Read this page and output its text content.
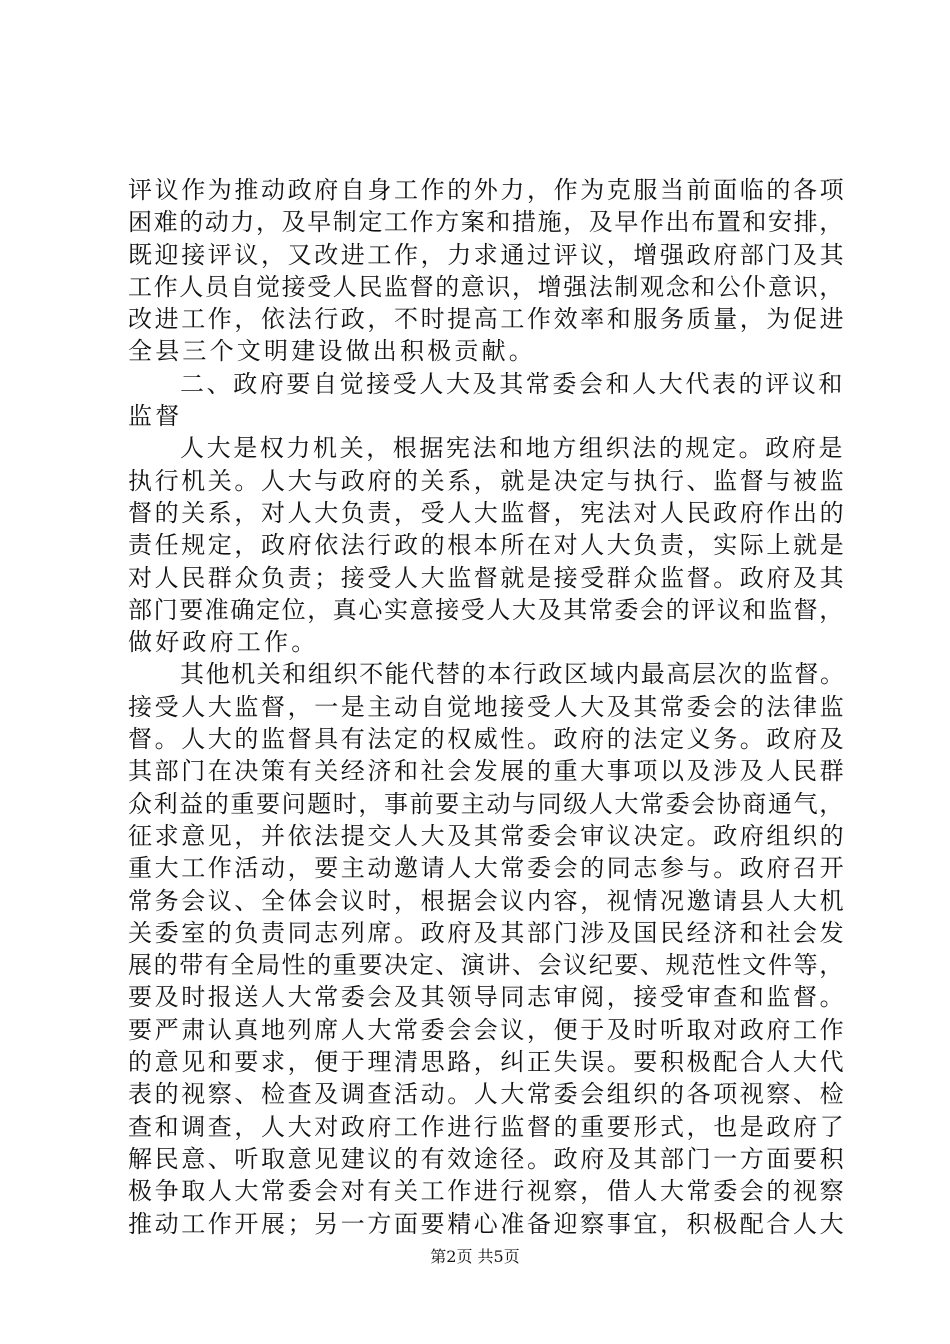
评议作为推动政府自身工作的外力，作为克服当前面临的各项
困难的动力，及早制定工作方案和措施，及早作出布置和安排，
既迎接评议，又改进工作，力求通过评议，增强政府部门及其
工作人员自觉接受人民监督的意识，增强法制观念和公仆意识，
改进工作，依法行政，不时提高工作效率和服务质量，为促进
全县三个文明建设做出积极贡献。
二、政府要自觉接受人大及其常委会和人大代表的评议和
监督
人大是权力机关，根据宪法和地方组织法的规定。政府是
执行机关。人大与政府的关系，就是决定与执行、监督与被监
督的关系，对人大负责，受人大监督，宪法对人民政府作出的
责任规定，政府依法行政的根本所在对人大负责，实际上就是
对人民群众负责；接受人大监督就是接受群众监督。政府及其
部门要准确定位，真心实意接受人大及其常委会的评议和监督，
做好政府工作。
其他机关和组织不能代替的本行政区域内最高层次的监督。
接受人大监督，一是主动自觉地接受人大及其常委会的法律监
督。人大的监督具有法定的权威性。政府的法定义务。政府及
其部门在决策有关经济和社会发展的重大事项以及涉及人民群
众利益的重要问题时，事前要主动与同级人大常委会协商通气，
征求意见，并依法提交人大及其常委会审议决定。政府组织的
重大工作活动，要主动邀请人大常委会的同志参与。政府召开
常务会议、全体会议时，根据会议内容，视情况邀请县人大机
关委室的负责同志列席。政府及其部门涉及国民经济和社会发
展的带有全局性的重要决定、演讲、会议纪要、规范性文件等，
要及时报送人大常委会及其领导同志审阅，接受审查和监督。
要严肃认真地列席人大常委会会议，便于及时听取对政府工作
的意见和要求，便于理清思路，纠正失误。要积极配合人大代
表的视察、检查及调查活动。人大常委会组织的各项视察、检
查和调查，人大对政府工作进行监督的重要形式，也是政府了
解民意、听取意见建议的有效途径。政府及其部门一方面要积
极争取人大常委会对有关工作进行视察，借人大常委会的视察
推动工作开展；另一方面要精心准备迎察事宜，积极配合人大
第2页 共5页
